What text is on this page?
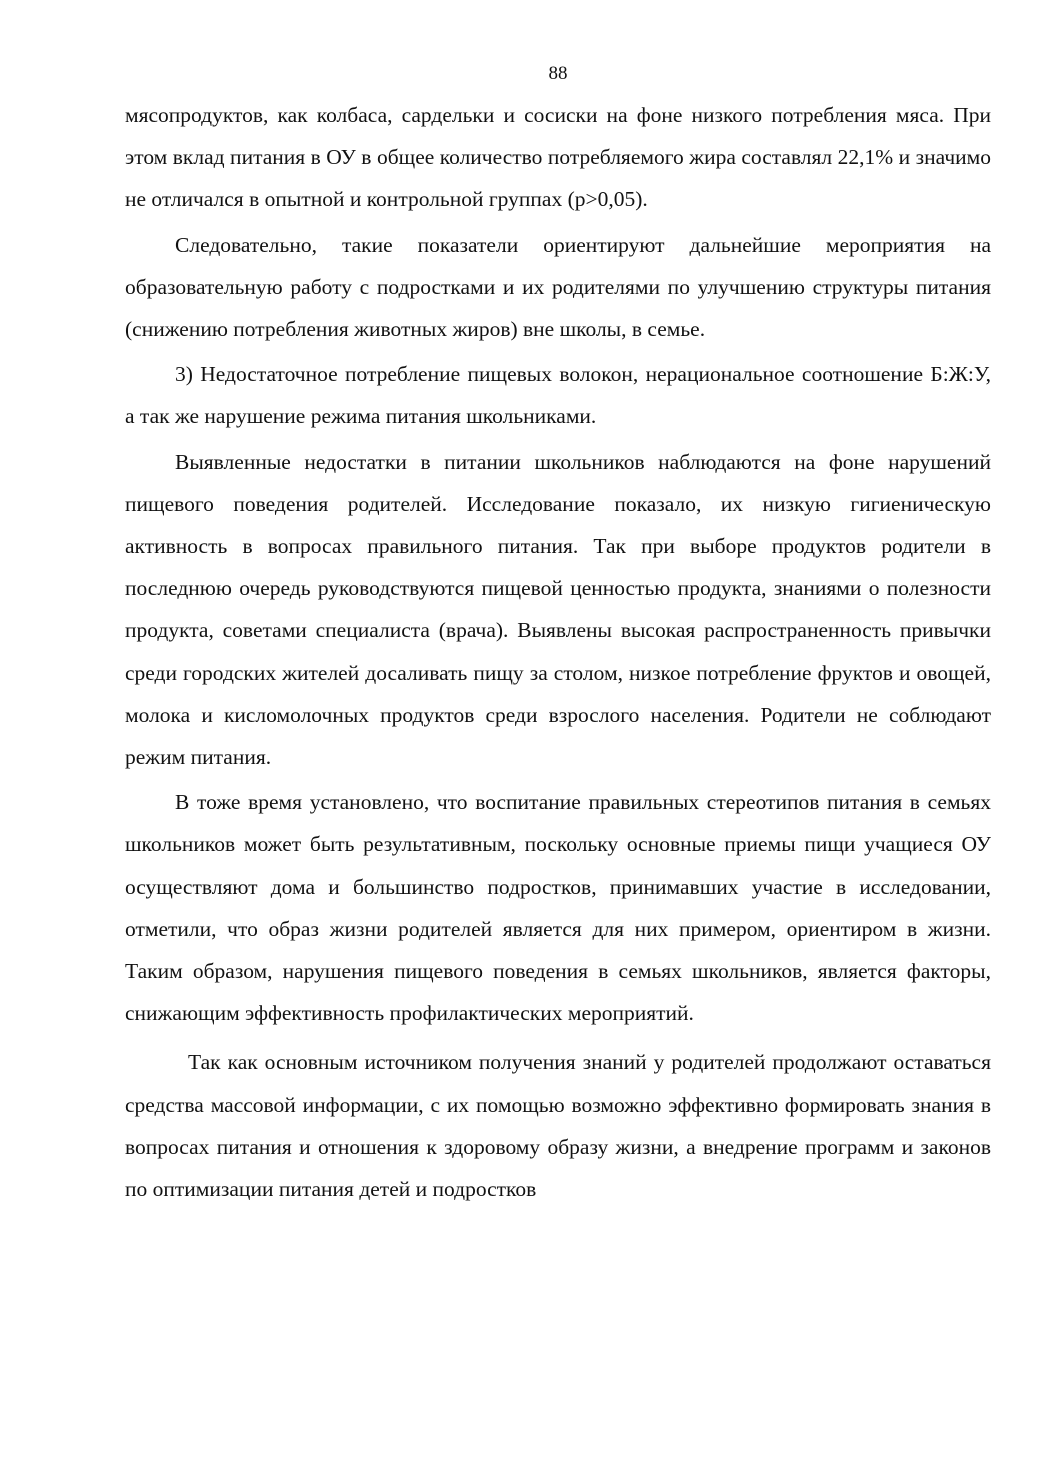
88

мясопродуктов, как колбаса, сардельки и сосиски на фоне низкого потребления мяса. При этом вклад питания в ОУ в общее количество потребляемого жира составлял 22,1% и значимо не отличался в опытной и контрольной группах (р>0,05).

Следовательно, такие показатели ориентируют дальнейшие мероприятия на образовательную работу с подростками и их родителями по улучшению структуры питания (снижению потребления животных жиров) вне школы, в семье.

3) Недостаточное потребление пищевых волокон, нерациональное соотношение Б:Ж:У, а так же нарушение режима питания школьниками.

Выявленные недостатки в питании школьников наблюдаются на фоне нарушений пищевого поведения родителей. Исследование показало, их низкую гигиеническую активность в вопросах правильного питания. Так при выборе продуктов родители в последнюю очередь руководствуются пищевой ценностью продукта, знаниями о полезности продукта, советами специалиста (врача). Выявлены высокая распространенность привычки среди городских жителей досаливать пищу за столом, низкое потребление фруктов и овощей, молока и кисломолочных продуктов среди взрослого населения. Родители не соблюдают режим питания.

В тоже время установлено, что воспитание правильных стереотипов питания в семьях школьников может быть результативным, поскольку основные приемы пищи учащиеся ОУ осуществляют дома и большинство подростков, принимавших участие в исследовании, отметили, что образ жизни родителей является для них примером, ориентиром в жизни. Таким образом, нарушения пищевого поведения в семьях школьников, является факторы, снижающим эффективность профилактических мероприятий.

Так как основным источником получения знаний у родителей продолжают оставаться средства массовой информации, с их помощью возможно эффективно формировать знания в вопросах питания и отношения к здоровому образу жизни, а внедрение программ и законов по оптимизации питания детей и подростков
